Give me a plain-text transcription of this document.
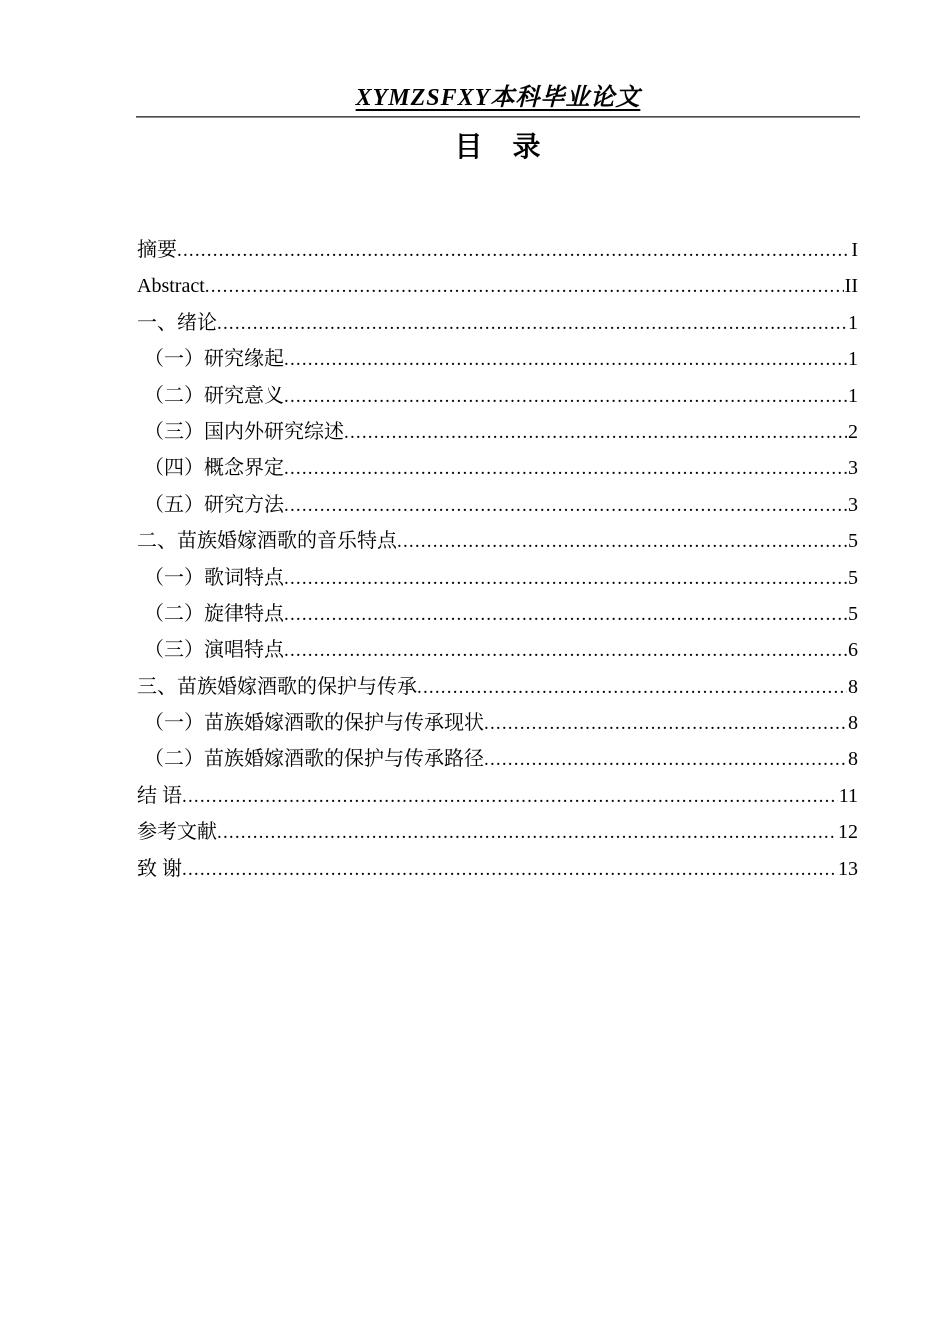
XYMZSFXY本科毕业论文
目　录
摘要 .....	I
Abstract .....	II
一、绪论 .....	1
（一）研究缘起 .....	1
（二）研究意义 .....	1
（三）国内外研究综述 .....	2
（四）概念界定 .....	3
（五）研究方法 .....	3
二、苗族婚嫁酒歌的音乐特点 .....	5
（一）歌词特点 .....	5
（二）旋律特点 .....	5
（三）演唱特点 .....	6
三、苗族婚嫁酒歌的保护与传承 .....	8
（一）苗族婚嫁酒歌的保护与传承现状 .....	8
（二）苗族婚嫁酒歌的保护与传承路径 .....	8
结 语 .....	11
参考文献 .....	12
致 谢 .....	13
